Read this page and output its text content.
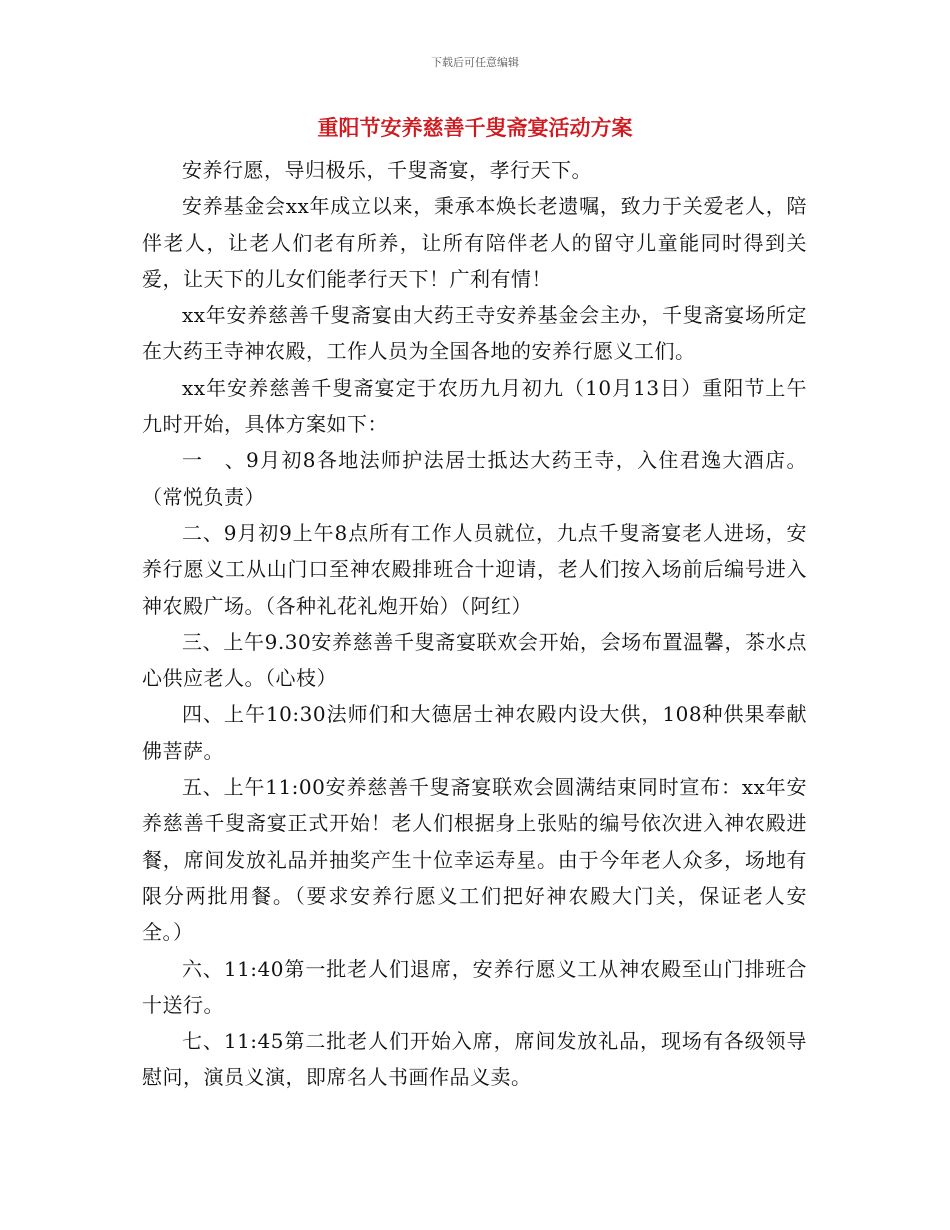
下载后可任意编辑
重阳节安养慈善千叟斋宴活动方案

安养行愿，导归极乐，千叟斋宴，孝行天下。

安养基金会xx年成立以来，秉承本焕长老遗嘱，致力于关爱老人，陪伴老人，让老人们老有所养，让所有陪伴老人的留守儿童能同时得到关爱，让天下的儿女们能孝行天下！广利有情！

xx年安养慈善千叟斋宴由大药王寺安养基金会主办，千叟斋宴场所定在大药王寺神农殿，工作人员为全国各地的安养行愿义工们。

xx年安养慈善千叟斋宴定于农历九月初九（10月13日）重阳节上午九时开始，具体方案如下：

一　、9月初8各地法师护法居士抵达大药王寺，入住君逸大酒店。（常悦负责）

二、9月初9上午8点所有工作人员就位，九点千叟斋宴老人进场，安养行愿义工从山门口至神农殿排班合十迎请，老人们按入场前后编号进入神农殿广场。（各种礼花礼炮开始）（阿红）

三、上午9.30安养慈善千叟斋宴联欢会开始，会场布置温馨，茶水点心供应老人。（心枝）

四、上午10:30法师们和大德居士神农殿内设大供，108种供果奉献佛菩萨。

五、上午11:00安养慈善千叟斋宴联欢会圆满结束同时宣布：xx年安养慈善千叟斋宴正式开始！老人们根据身上张贴的编号依次进入神农殿进餐，席间发放礼品并抽奖产生十位幸运寿星。由于今年老人众多，场地有限分两批用餐。（要求安养行愿义工们把好神农殿大门关，保证老人安全。）

六、11:40第一批老人们退席，安养行愿义工从神农殿至山门排班合十送行。

七、11:45第二批老人们开始入席，席间发放礼品，现场有各级领导慰问，演员义演，即席名人书画作品义卖。
